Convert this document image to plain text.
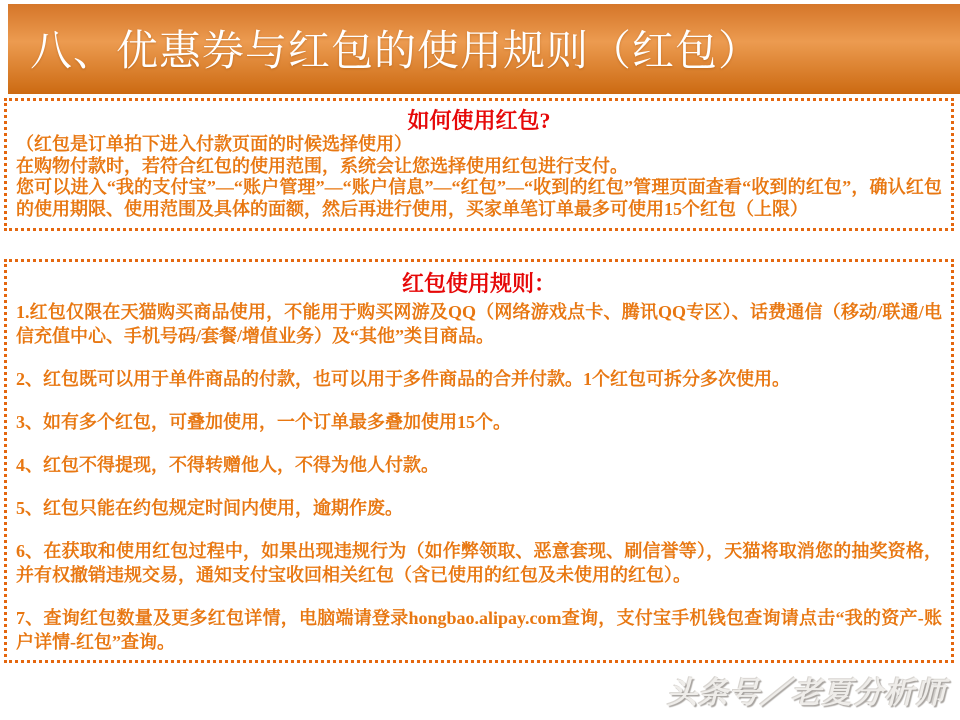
八、优惠券与红包的使用规则（红包）
如何使用红包?

（红包是订单拍下进入付款页面的时候选择使用）

在购物付款时，若符合红包的使用范围，系统会让您选择使用红包进行支付。

您可以进入“我的支付宝”—“账户管理”—“账户信息”—“红包”—“收到的红包”管理页面查看“收到的红包”，确认红包的使用期限、使用范围及具体的面额，然后再进行使用，买家单笔订单最多可使用15个红包（上限）

红包使用规则：

1.红包仅限在天猫购买商品使用，不能用于购买网游及QQ（网络游戏点卡、腾讯QQ专区）、话费通信（移动/联通/电信充值中心、手机号码/套餐/增值业务）及“其他”类目商品。

2、红包既可以用于单件商品的付款，也可以用于多件商品的合并付款。1个红包可拆分多次使用。

3、如有多个红包，可叠加使用，一个订单最多叠加使用15个。

4、红包不得提现，不得转赠他人，不得为他人付款。

5、红包只能在约包规定时间内使用，逾期作废。

6、在获取和使用红包过程中，如果出现违规行为（如作弊领取、恶意套现、刷信誉等），天猫将取消您的抽奖资格，并有权撤销违规交易，通知支付宝收回相关红包（含已使用的红包及未使用的红包）。

7、查询红包数量及更多红包详情，电脑端请登录hongbao.alipay.com查询，支付宝手机钱包查询请点击“我的资产-账户详情-红包”查询。

头条号／老夏分析师
